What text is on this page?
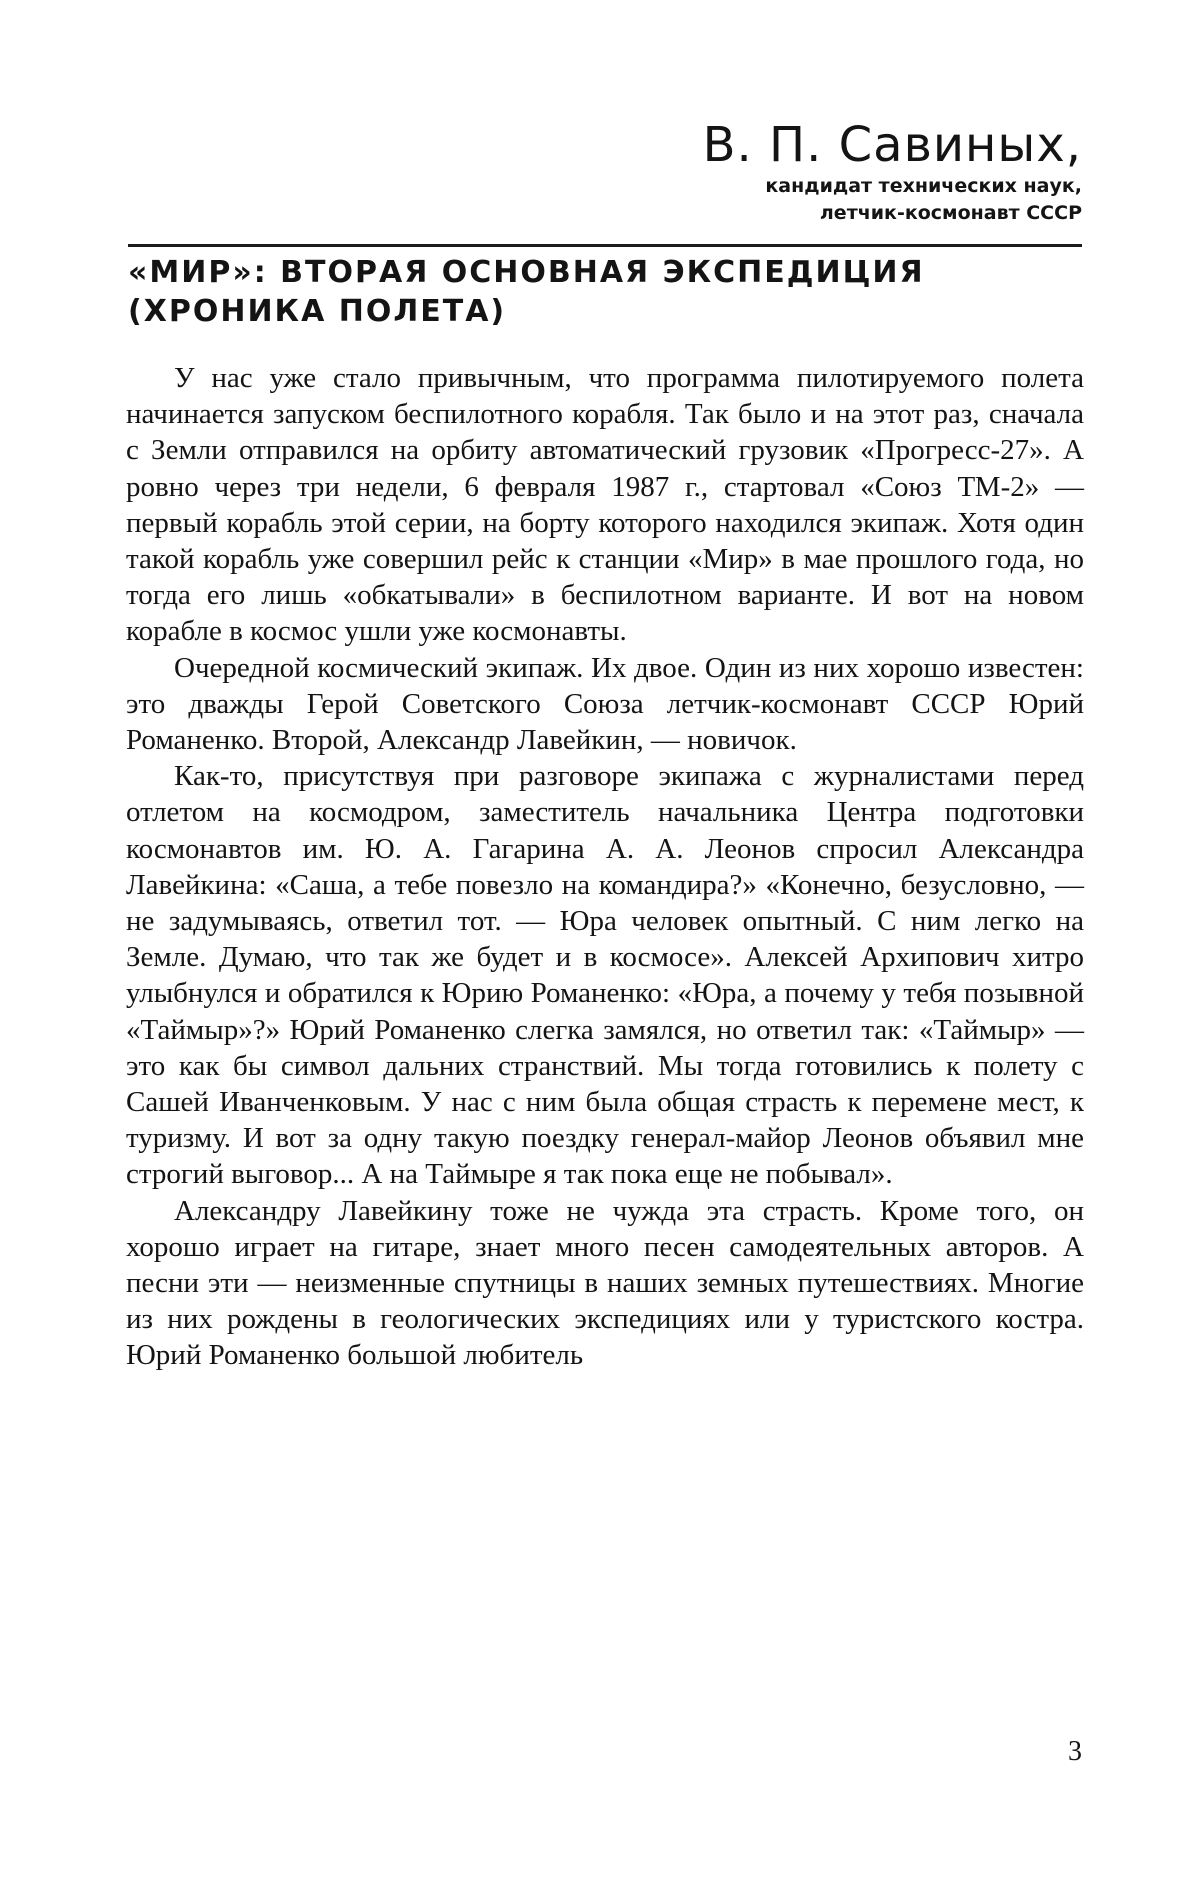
В. П. Савиных,

кандидат технических наук,

летчик-космонавт СССР

«МИР»: ВТОРАЯ ОСНОВНАЯ ЭКСПЕДИЦИЯ
(ХРОНИКА ПОЛЕТА)

У нас уже стало привычным, что программа пилотируемого полета начинается запуском беспилотного корабля. Так было и на этот раз, сначала с Земли отправился на орбиту автоматический грузовик «Прогресс-27». А ровно через три недели, 6 февраля 1987 г., стартовал «Союз ТМ-2» — первый корабль этой серии, на борту которого находился экипаж. Хотя один такой корабль уже совершил рейс к станции «Мир» в мае прошлого года, но тогда его лишь «обкатывали» в беспилотном варианте. И вот на новом корабле в космос ушли уже космонавты.

Очередной космический экипаж. Их двое. Один из них хорошо известен: это дважды Герой Советского Союза летчик-космонавт СССР Юрий Романенко. Второй, Александр Лавейкин, — новичок.

Как-то, присутствуя при разговоре экипажа с журналистами перед отлетом на космодром, заместитель начальника Центра подготовки космонавтов им. Ю. А. Гагарина А. А. Леонов спросил Александра Лавейкина: «Саша, а тебе повезло на командира?» «Конечно, безусловно, — не задумываясь, ответил тот. — Юра человек опытный. С ним легко на Земле. Думаю, что так же будет и в космосе». Алексей Архипович хитро улыбнулся и обратился к Юрию Романенко: «Юра, а почему у тебя позывной «Таймыр»?» Юрий Романенко слегка замялся, но ответил так: «Таймыр» — это как бы символ дальних странствий. Мы тогда готовились к полету с Сашей Иванченковым. У нас с ним была общая страсть к перемене мест, к туризму. И вот за одну такую поездку генерал-майор Леонов объявил мне строгий выговор... А на Таймыре я так пока еще не побывал».

Александру Лавейкину тоже не чужда эта страсть. Кроме того, он хорошо играет на гитаре, знает много песен самодеятельных авторов. А песни эти — неизменные спутницы в наших земных путешествиях. Многие из них рождены в геологических экспедициях или у туристского костра. Юрий Романенко большой любитель

3
